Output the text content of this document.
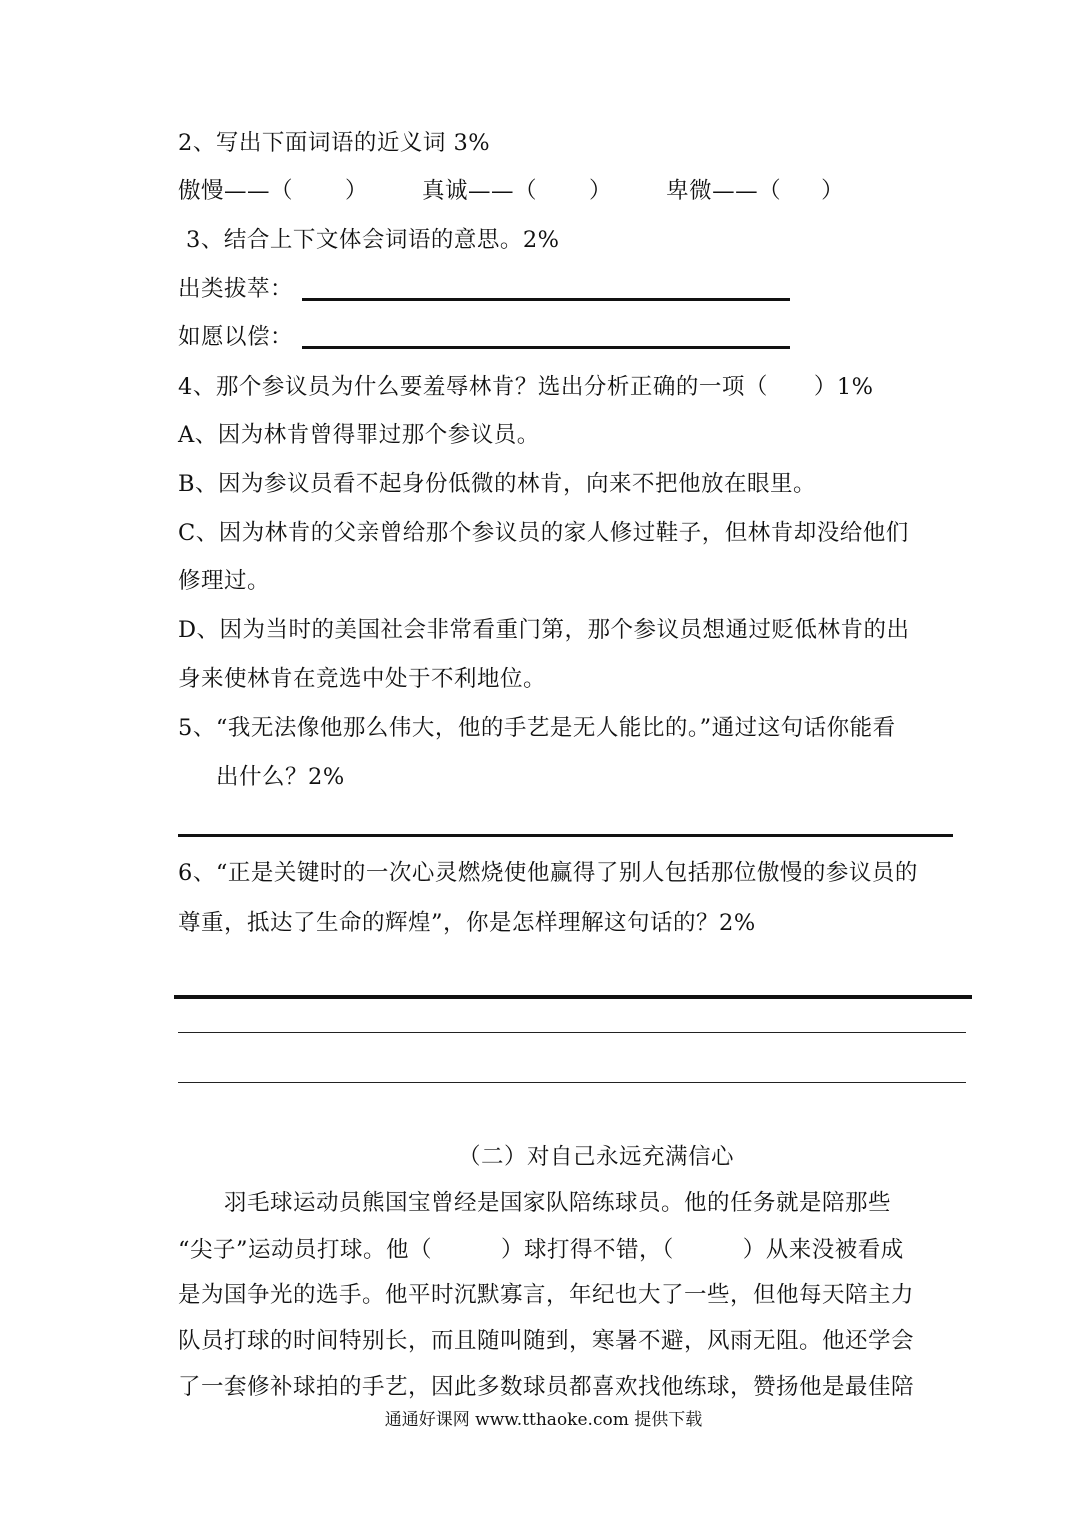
2、写出下面词语的近义词 3%
傲慢——（ ） 真诚——（ ） 卑微——（ ）
3、结合上下文体会词语的意思。2%
出类拔萃：
如愿以偿：
4、那个参议员为什么要羞辱林肯？选出分析正确的一项（　　）1%
A、因为林肯曾得罪过那个参议员。
B、因为参议员看不起身份低微的林肯，向来不把他放在眼里。
C、因为林肯的父亲曾给那个参议员的家人修过鞋子，但林肯却没给他们
修理过。
D、因为当时的美国社会非常看重门第，那个参议员想通过贬低林肯的出
身来使林肯在竞选中处于不利地位。
5、“我无法像他那么伟大，他的手艺是无人能比的。”通过这句话你能看
出什么？2%
6、“正是关键时的一次心灵燃烧使他赢得了别人包括那位傲慢的参议员的
尊重，抵达了生命的辉煌”，你是怎样理解这句话的？2%
（二）对自己永远充满信心
　　羽毛球运动员熊国宝曾经是国家队陪练球员。他的任务就是陪那些
“尖子”运动员打球。他（　　　）球打得不错，（　　　）从来没被看成
是为国争光的选手。他平时沉默寡言，年纪也大了一些，但他每天陪主力
队员打球的时间特别长，而且随叫随到，寒暑不避，风雨无阻。他还学会
了一套修补球拍的手艺，因此多数球员都喜欢找他练球，赞扬他是最佳陪
通通好课网 www.tthaoke.com 提供下载
